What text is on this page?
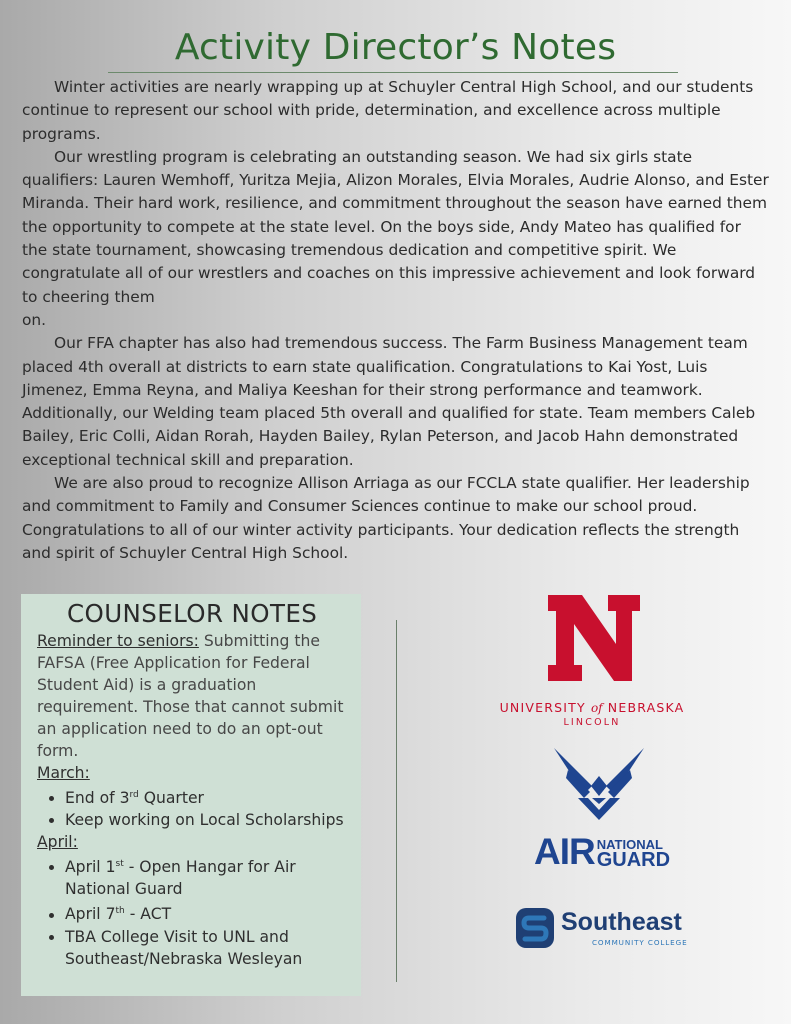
Activity Director’s Notes

Winter activities are nearly wrapping up at Schuyler Central High School, and our students continue to represent our school with pride, determination, and excellence across multiple
programs.

Our wrestling program is celebrating an outstanding season. We had six girls state qualifiers: Lauren Wemhoff, Yuritza Mejia, Alizon Morales, Elvia Morales, Audrie Alonso, and Ester Miranda. Their hard work, resilience, and commitment throughout the season have earned them the opportunity to compete at the state level. On the boys side, Andy Mateo has qualified for the state tournament, showcasing tremendous dedication and competitive spirit. We congratulate all of our wrestlers and coaches on this impressive achievement and look forward to cheering them
on.

Our FFA chapter has also had tremendous success. The Farm Business Management team placed 4th overall at districts to earn state qualification. Congratulations to Kai Yost, Luis Jimenez, Emma Reyna, and Maliya Keeshan for their strong performance and teamwork. Additionally, our Welding team placed 5th overall and qualified for state. Team members Caleb Bailey, Eric Colli, Aidan Rorah, Hayden Bailey, Rylan Peterson, and Jacob Hahn demonstrated exceptional technical skill and preparation.

We are also proud to recognize Allison Arriaga as our FCCLA state qualifier. Her leadership and commitment to Family and Consumer Sciences continue to make our school proud. Congratulations to all of our winter activity participants. Your dedication reflects the strength and spirit of Schuyler Central High School.

COUNSELOR NOTES
Reminder to seniors: Submitting the FAFSA (Free Application for Federal Student Aid) is a graduation requirement. Those that cannot submit an application need to do an opt-out form.
March:
• End of 3rd Quarter
• Keep working on Local Scholarships
April:
• April 1st - Open Hangar for Air National Guard
• April 7th - ACT
• TBA College Visit to UNL and Southeast/Nebraska Wesleyan
UNIVERSITY of NEBRASKA
LINCOLN
AIR NATIONAL
GUARD
Southeast
COMMUNITY COLLEGE
